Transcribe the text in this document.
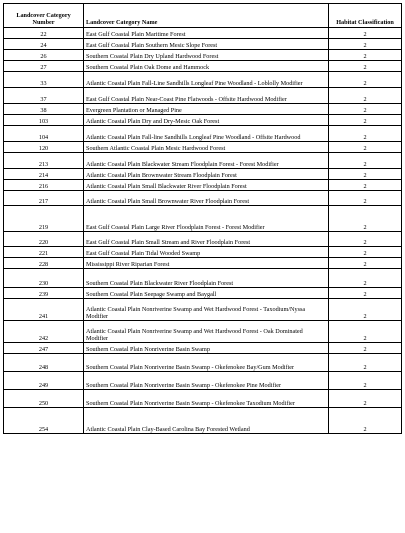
Landcover Category Number	Landcover Category Name	Habitat Classification
22	East Gulf Coastal Plain Maritime Forest	2
24	East Gulf Coastal Plain Southern Mesic Slope Forest	2
26	Southern Coastal Plain Dry Upland Hardwood Forest	2
27	Southern Coastal Plain Oak Dome and Hammock	2
33	Atlantic Coastal Plain Fall-Line Sandhills Longleaf Pine Woodland - Loblolly Modifier	2
37	East Gulf Coastal Plain Near-Coast Pine Flatwoods - Offsite Hardwood Modifier	2
38	Evergreen Plantation or Managed Pine	2
103	Atlantic Coastal Plain Dry and Dry-Mesic Oak Forest	2
104	Atlantic Coastal Plain Fall-line Sandhills Longleaf Pine Woodland - Offsite Hardwood	2
120	Southern Atlantic Coastal Plain Mesic Hardwood Forest	2
213	Atlantic Coastal Plain Blackwater Stream Floodplain Forest - Forest Modifier	2
214	Atlantic Coastal Plain Brownwater Stream Floodplain Forest	2
216	Atlantic Coastal Plain Small Blackwater River Floodplain Forest	2
217	Atlantic Coastal Plain Small Brownwater River Floodplain Forest	2
219	East Gulf Coastal Plain Large River Floodplain Forest - Forest Modifier	2
220	East Gulf Coastal Plain Small Stream and River Floodplain Forest	2
221	East Gulf Coastal Plain Tidal Wooded Swamp	2
228	Mississippi River Riparian Forest	2
230	Southern Coastal Plain Blackwater River Floodplain Forest	2
239	Southern Coastal Plain Seepage Swamp and Baygall	2
241	Atlantic Coastal Plain Nonriverine Swamp and Wet Hardwood Forest - Taxodium/Nyssa Modifier	2
242	Atlantic Coastal Plain Nonriverine Swamp and Wet Hardwood Forest - Oak Dominated Modifier	2
247	Southern Coastal Plain Nonriverine Basin Swamp	2
248	Southern Coastal Plain Nonriverine Basin Swamp - Okefenokee Bay/Gum Modifier	2
249	Southern Coastal Plain Nonriverine Basin Swamp - Okefenokee Pine Modifier	2
250	Southern Coastal Plain Nonriverine Basin Swamp - Okefenokee Taxodium Modifier	2
254	Atlantic Coastal Plain Clay-Based Carolina Bay Forested Wetland	2
